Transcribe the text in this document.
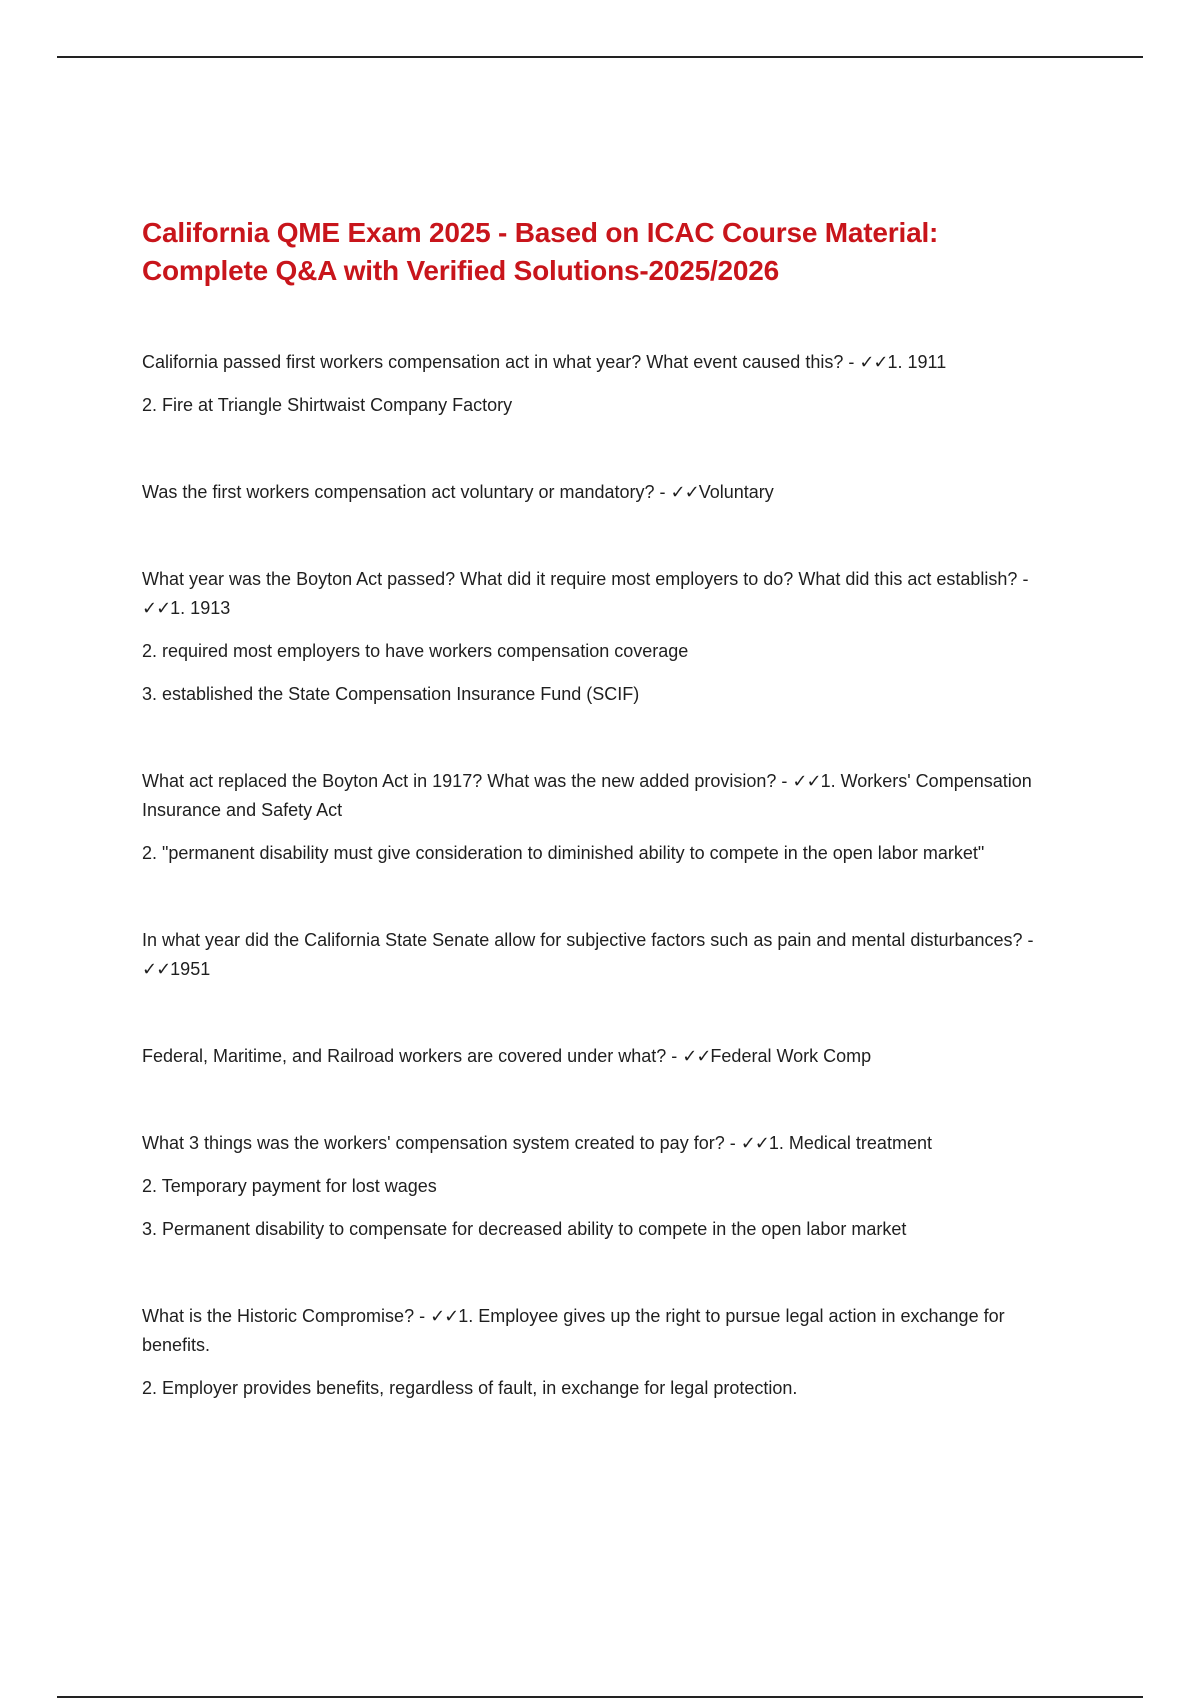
California QME Exam 2025 - Based on ICAC Course Material: Complete Q&A with Verified Solutions-2025/2026

California passed first workers compensation act in what year? What event caused this? - ✓✓1. 1911

2. Fire at Triangle Shirtwaist Company Factory

Was the first workers compensation act voluntary or mandatory? - ✓✓Voluntary

What year was the Boyton Act passed? What did it require most employers to do? What did this act establish? - ✓✓1. 1913

2. required most employers to have workers compensation coverage

3. established the State Compensation Insurance Fund (SCIF)

What act replaced the Boyton Act in 1917? What was the new added provision? - ✓✓1. Workers' Compensation Insurance and Safety Act

2. "permanent disability must give consideration to diminished ability to compete in the open labor market"

In what year did the California State Senate allow for subjective factors such as pain and mental disturbances? - ✓✓1951

Federal, Maritime, and Railroad workers are covered under what? - ✓✓Federal Work Comp

What 3 things was the workers' compensation system created to pay for? - ✓✓1. Medical treatment

2. Temporary payment for lost wages

3. Permanent disability to compensate for decreased ability to compete in the open labor market

What is the Historic Compromise? - ✓✓1. Employee gives up the right to pursue legal action in exchange for benefits.

2. Employer provides benefits, regardless of fault, in exchange for legal protection.
